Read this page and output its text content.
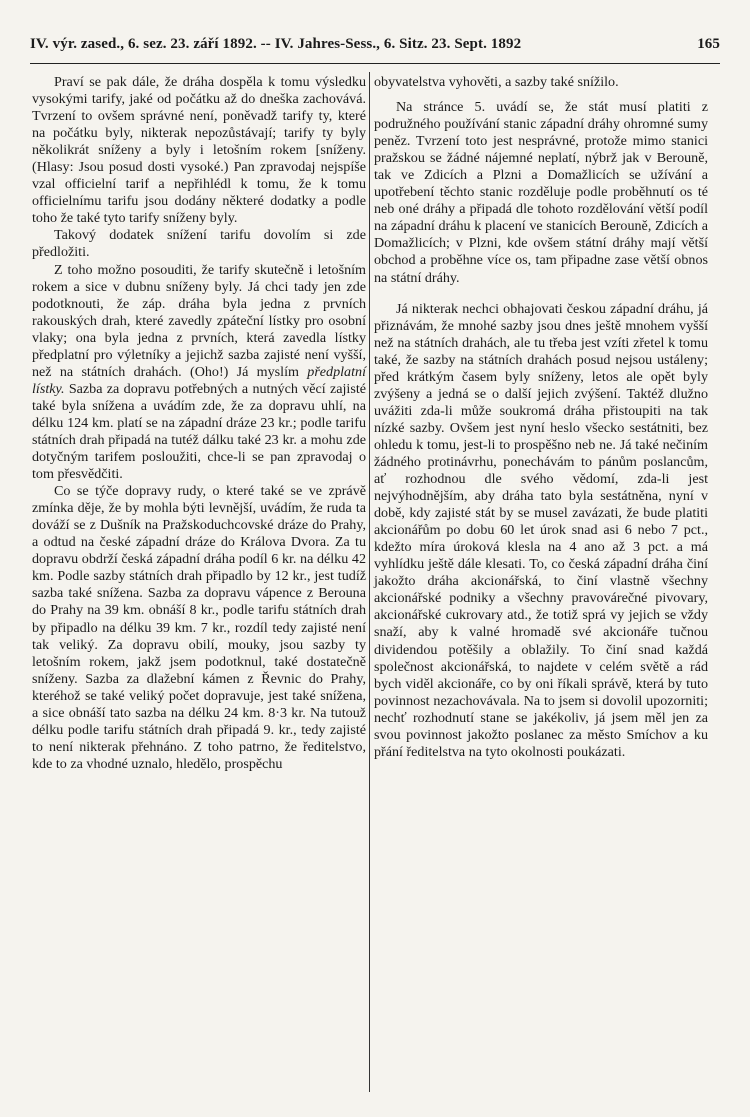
IV. výr. zased., 6. sez. 23. září 1892. -- IV. Jahres-Sess., 6. Sitz. 23. Sept. 1892	165

Praví se pak dále, že dráha dospěla k tomu výsledku vysokými tarify, jaké od počátku až do dneška zachovává. Tvrzení to ovšem správné není, poněvadž tarify ty, které na počátku byly, nikterak nepozůstávají; tarify ty byly několikrát sníženy a byly i letošním rokem [sníženy. (Hlasy: Jsou posud dosti vysoké.) Pan zpravodaj nejspíše vzal officielní tarif a nepřihlédl k tomu, že k tomu officielnímu tarifu jsou dodány některé dodatky a podle toho že také tyto tarify sníženy byly.

Takový dodatek snížení tarifu dovolím si zde předložiti.

Z toho možno posouditi, že tarify skutečně i letošním rokem a sice v dubnu sníženy byly. Já chci tady jen zde podotknouti, že záp. dráha byla jedna z prvních rakouských drah, které zavedly zpáteční lístky pro osobní vlaky; ona byla jedna z prvních, která zavedla lístky předplatní pro výletníky a jejichž sazba zajisté není vyšší, než na státních drahách. (Oho!) Já myslím předplatní lístky. Sazba za dopravu potřebných a nutných věcí zajisté také byla snížena a uvádím zde, že za dopravu uhlí, na délku 124 km. platí se na západní dráze 23 kr.; podle tarifu státních drah připadá na tutéž dálku také 23 kr. a mohu zde dotyčným tarifem posloužiti, chce-li se pan zpravodaj o tom přesvědčiti.

Co se týče dopravy rudy, o které také se ve zprávě zmínka děje, že by mohla býti levnější, uvádím, že ruda ta dováží se z Dušník na Pražskoduchcovské dráze do Prahy, a odtud na české západní dráze do Králova Dvora. Za tu dopravu obdrží česká západní dráha podíl 6 kr. na délku 42 km. Podle sazby státních drah připadlo by 12 kr., jest tudíž sazba také snížena. Sazba za dopravu vápence z Berouna do Prahy na 39 km. obnáší 8 kr., podle tarifu státních drah by připadlo na délku 39 km. 7 kr., rozdíl tedy zajisté není tak veliký. Za dopravu obilí, mouky, jsou sazby ty letošním rokem, jakž jsem podotknul, také dostatečně sníženy. Sazba za dlažební kámen z Řevnic do Prahy, kteréhož se také veliký počet dopravuje, jest také snížena, a sice obnáší tato sazba na délku 24 km. 8·3 kr. Na tutouž délku podle tarifu státních drah připadá 9. kr., tedy zajisté to není nikterak přehnáno. Z toho patrno, že ředitelstvo, kde to za vhodné uznalo, hledělo, prospěchu

obyvatelstva vyhověti, a sazby také snížilo.

Na stránce 5. uvádí se, že stát musí platiti z podružného používání stanic západní dráhy ohromné sumy peněz. Tvrzení toto jest nesprávné, protože mimo stanici pražskou se žádné nájemné neplatí, nýbrž jak v Berouně, tak ve Zdicích a Plzni a Domažlicích se užívání a upotřebení těchto stanic rozděluje podle proběhnutí os té neb oné dráhy a připadá dle tohoto rozdělování větší podíl na západní dráhu k placení ve stanicích Berouně, Zdicích a Domažlicích; v Plzni, kde ovšem státní dráhy mají větší obchod a proběhne více os, tam připadne zase větší obnos na státní dráhy.

Já nikterak nechci obhajovati českou západní dráhu, já přiznávám, že mnohé sazby jsou dnes ještě mnohem vyšší než na státních drahách, ale tu třeba jest vzíti zřetel k tomu také, že sazby na státních drahách posud nejsou ustáleny; před krátkým časem byly sníženy, letos ale opět byly zvýšeny a jedná se o další jejich zvýšení. Taktéž dlužno uvážiti zda-li může soukromá dráha přistoupiti na tak nízké sazby. Ovšem jest nyní heslo všecko sestátniti, bez ohledu k tomu, jest-li to prospěšno neb ne. Já také nečiním žádného protinávrhu, ponechávám to pánům poslancům, ať rozhodnou dle svého vědomí, zda-li jest nejvýhodnějším, aby dráha tato byla sestátněna, nyní v době, kdy zajisté stát by se musel zavázati, že bude platiti akcionářům po dobu 60 let úrok snad asi 6 nebo 7 pct., kdežto míra úroková klesla na 4 ano až 3 pct. a má vyhlídku ještě dále klesati. To, co česká západní dráha činí jakožto dráha akcionářská, to činí vlastně všechny akcionářské podniky a všechny pravovárečné pivovary, akcionářské cukrovary atd., že totiž sprá vy jejich se vždy snaží, aby k valné hromadě své akcionáře tučnou dividendou potěšily a oblažily. To činí snad každá společnost akcionářská, to najdete v celém světě a rád bych viděl akcionáře, co by oni říkali správě, která by tuto povinnost nezachovávala. Na to jsem si dovolil upozorniti; nechť rozhodnutí stane se jakékoliv, já jsem měl jen za svou povinnost jakožto poslanec za město Smíchov a ku přání ředitelstva na tyto okolnosti poukázati.
